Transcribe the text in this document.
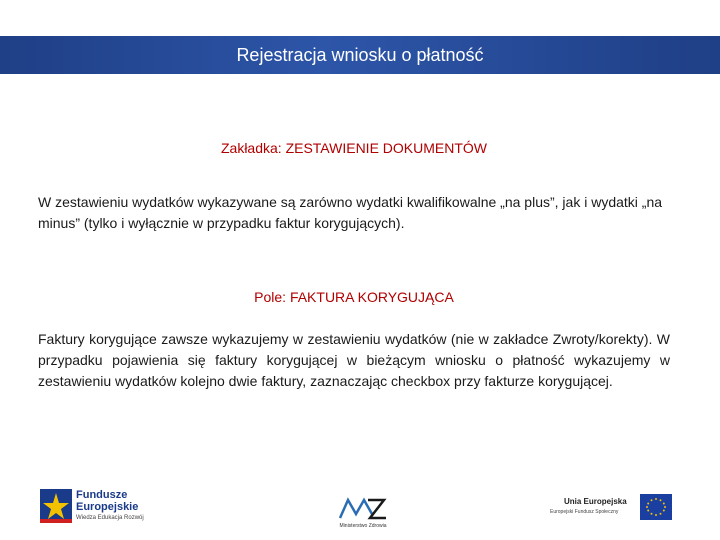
Rejestracja wniosku o płatność

Zakładka: ZESTAWIENIE DOKUMENTÓW

W zestawieniu wydatków wykazywane są zarówno wydatki kwalifikowalne „na plus”, jak i wydatki „na minus” (tylko i wyłącznie w przypadku faktur korygujących).

Pole: FAKTURA KORYGUJĄCA

Faktury korygujące zawsze wykazujemy w zestawieniu wydatków (nie w zakładce Zwroty/korekty). W przypadku pojawienia się faktury korygującej w bieżącym wniosku o płatność wykazujemy w zestawieniu wydatków kolejno dwie faktury, zaznaczając checkbox przy fakturze korygującej.

Fundusze
Europejskie
Wiedza Edukacja Rozwój
Ministerstwo Zdrowia
Unia Europejska
Europejski Fundusz Społeczny
